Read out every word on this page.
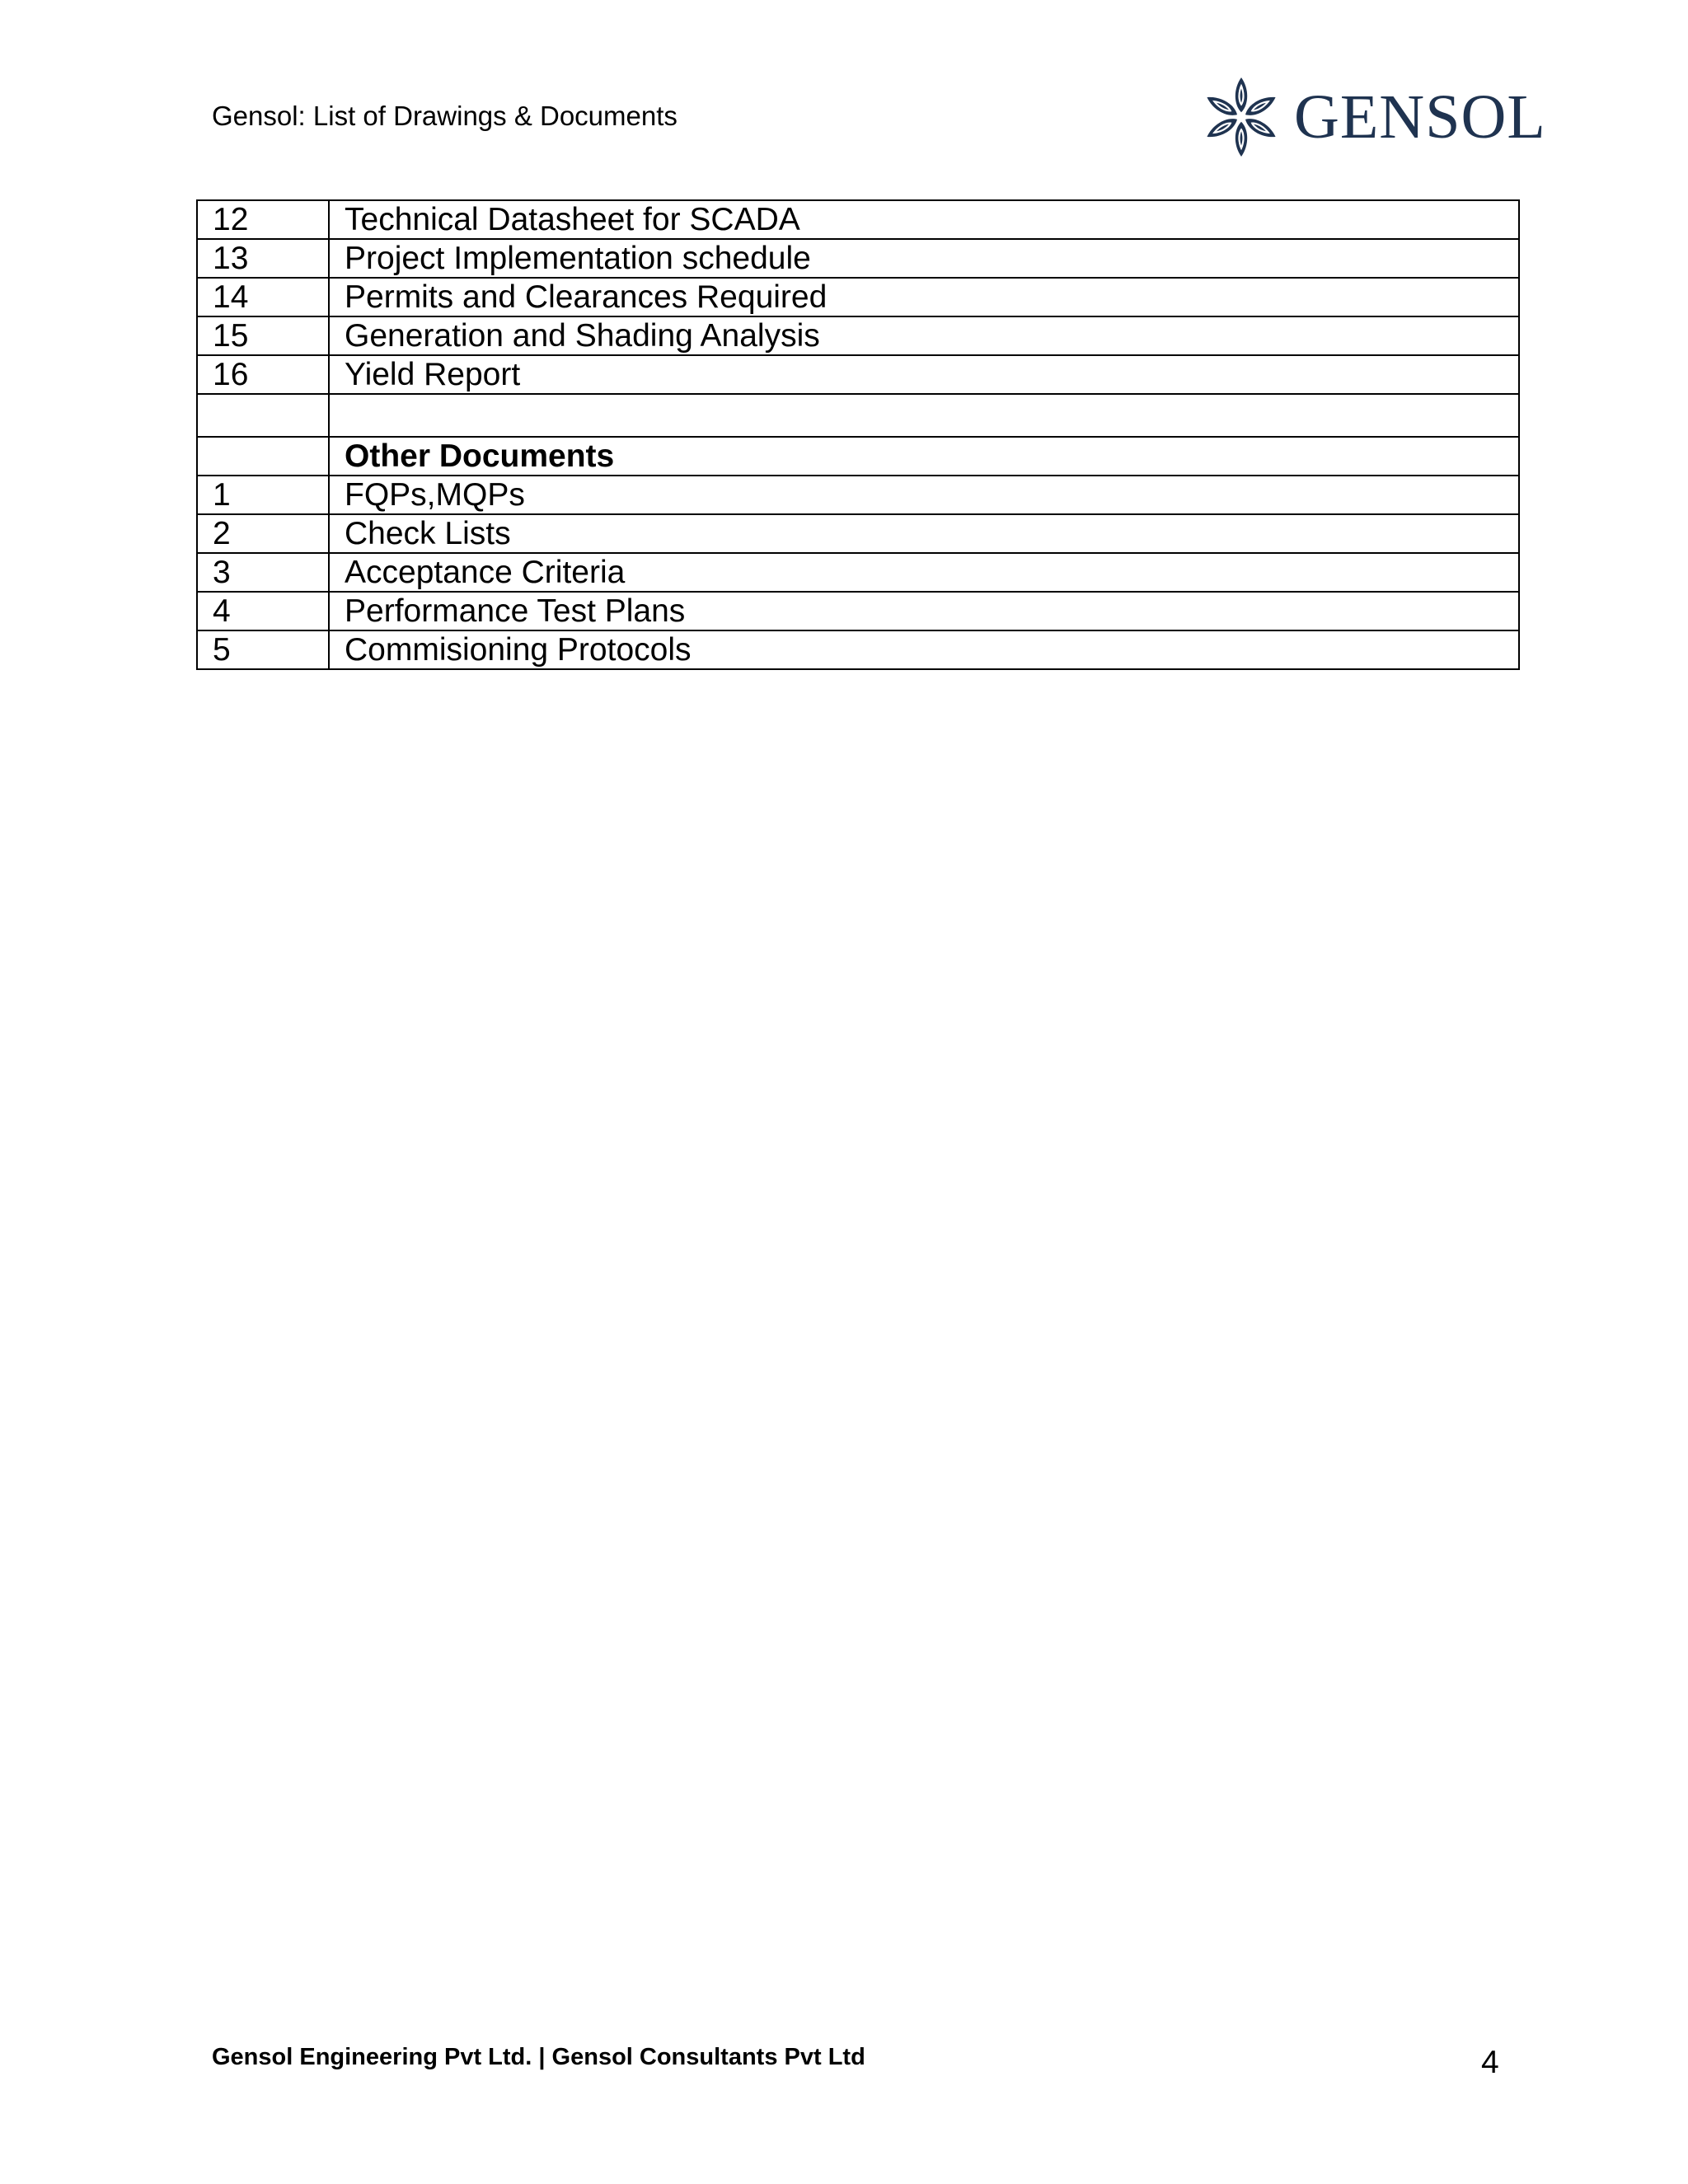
Gensol: List of Drawings & Documents	GENSOL
12	Technical Datasheet for SCADA
13	Project Implementation schedule
14	Permits and Clearances Required
15	Generation and Shading Analysis
16	Yield Report

	Other Documents
1	FQPs,MQPs
2	Check Lists
3	Acceptance Criteria
4	Performance Test Plans
5	Commisioning Protocols
Gensol Engineering Pvt Ltd. | Gensol Consultants Pvt Ltd	4
